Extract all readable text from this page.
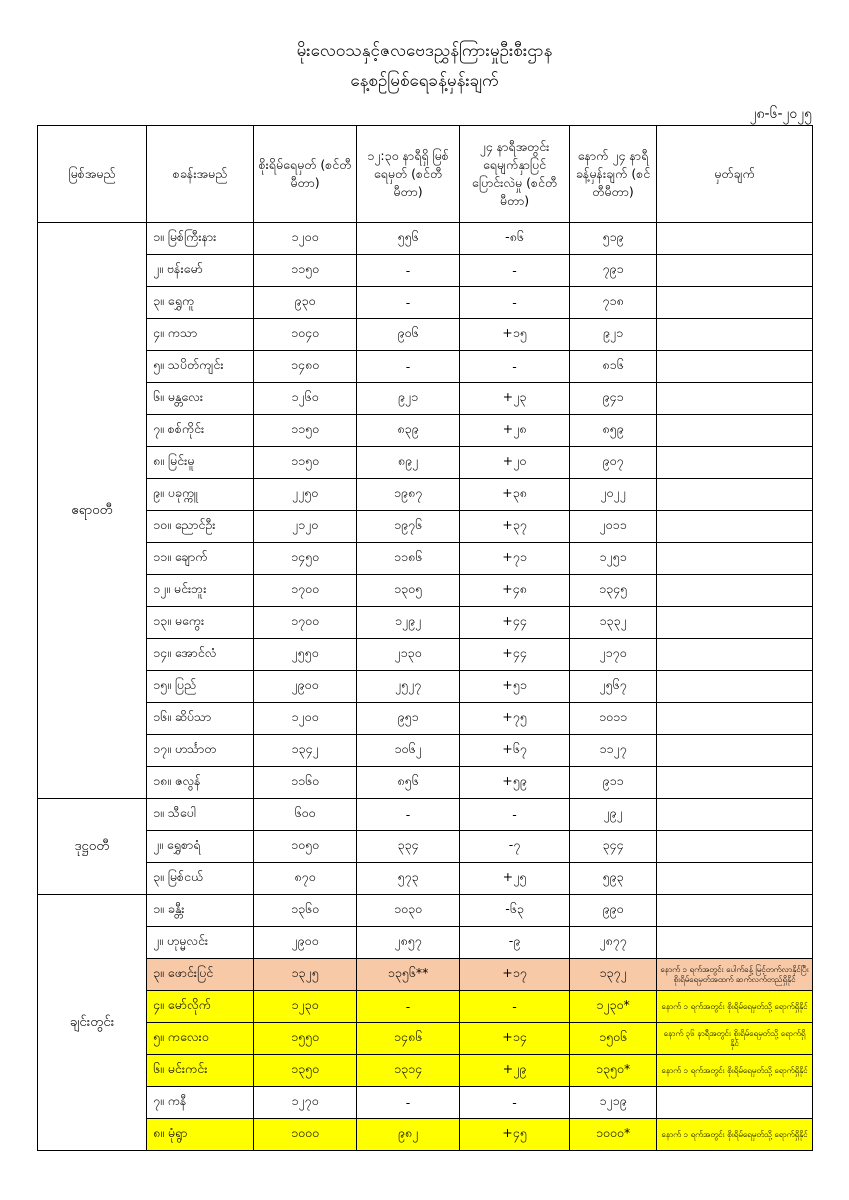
မိုးလေဝသနှင့်ဇလဗေဒညွှန်ကြားမှုဦးစီးဌာန
နေ့စဉ်မြစ်ရေခန့်မှန်းချက်
၂၈-၆-၂၀၂၅
မြစ်အမည်	စခန်းအမည်	စိုးရိမ်ရေမှတ် (စင်တီမီတာ)	၁၂:၃၀ နာရီရှိ မြစ်ရေမှတ် (စင်တီမီတာ)	၂၄ နာရီအတွင်း ရေမျက်နှာပြင် ပြောင်းလဲမှု (စင်တီမီတာ)	နောက် ၂၄ နာရီ ခန့်မှန်းချက် (စင်တီမီတာ)	မှတ်ချက်
ဧရာဝတီ	၁။ မြစ်ကြီးနား	၁၂၀၀	၅၅၆	-၈၆	၅၁၉	
	၂။ ဗန်းမော်	၁၁၅၀	-	-	၇၉၁	
	၃။ ရွှေကူ	၉၃၀	-	-	၇၁၈	
	၄။ ကသာ	၁၀၄၀	၉၀၆	+၁၅	၉၂၁	
	၅။ သပိတ်ကျင်း	၁၄၈၀	-	-	၈၁၆	
	၆။ မန္တလေး	၁၂၆၀	၉၂၁	+၂၃	၉၄၁	
	၇။ စစ်ကိုင်း	၁၁၅၀	၈၃၉	+၂၈	၈၅၉	
	၈။ မြင်းမူ	၁၁၅၀	၈၉၂	+၂၀	၉၀၇	
	၉။ ပခုက္ကူ	၂၂၅၀	၁၉၈၇	+၃၈	၂၀၂၂	
	၁၀။ ညောင်ဦး	၂၁၂၀	၁၉၇၆	+၃၇	၂၀၁၁	
	၁၁။ ချောက်	၁၄၅၀	၁၁၈၆	+၇၁	၁၂၅၁	
	၁၂။ မင်းဘူး	၁၇၀၀	၁၃၀၅	+၄၈	၁၃၄၅	
	၁၃။ မကွေး	၁၇၀၀	၁၂၉၂	+၄၄	၁၃၃၂	
	၁၄။ အောင်လံ	၂၅၅၀	၂၁၃၀	+၄၄	၂၁၇၀	
	၁၅။ ပြည်	၂၉၀၀	၂၅၂၇	+၅၁	၂၅၆၇	
	၁၆။ ဆိပ်သာ	၁၂၀၀	၉၅၁	+၇၅	၁၀၁၁	
	၁၇။ ဟင်္သာတ	၁၃၄၂	၁၀၆၂	+၆၇	၁၁၂၇	
	၁၈။ ဇလွန်	၁၁၆၀	၈၅၆	+၅၉	၉၁၁	
ဒုဋ္ဌဝတီ	၁။ သီပေါ	၆၀၀	-	-	၂၉၂	
	၂။ ရွှေစာရံ	၁၀၅၀	၃၃၄	-၇	၃၄၄	
	၃။ မြစ်ငယ်	၈၇၀	၅၇၃	+၂၅	၅၉၃	
ချင်းတွင်း	၁။ ခန္တီး	၁၃၆၀	၁၀၃၀	-၆၃	၉၉၀	
	၂။ ဟုမ္မလင်း	၂၉၀၀	၂၈၅၇	-၉	၂၈၇၇	
	၃။ ဖောင်းပြင်	၁၃၂၅	၁၃၅၆**	+၁၇	၁၃၇၂	နောက် ၁ ရက်အတွင်း ပေါက်ခန့် မြင့်တက်လာနိုင်ပြီး စိုးရိမ်ရေမှတ်အထက် ဆက်လက်တည်ရှိနိုင်
	၄။ မော်လိုက်	၁၂၃၀	-	-	၁၂၃၀*	နောက် ၁ ရက်အတွင်း စိုးရိမ်ရေမှတ်သို့ ရောက်ရှိနိုင်
	၅။ ကလေးဝ	၁၅၅၀	၁၄၈၆	+၁၄	၁၅၀၆	နောက် ၃၆ နာရီအတွင်း စိုးရိမ်ရေမှတ်သို့ ရောက်ရှိနိုင်
	၆။ မင်းကင်း	၁၃၅၀	၁၃၁၄	+၂၉	၁၃၅၀*	နောက် ၁ ရက်အတွင်း စိုးရိမ်ရေမှတ်သို့ ရောက်ရှိနိုင်
	၇။ ကနီ	၁၂၇၀	-	-	၁၂၁၉	
	၈။ မုံရွာ	၁၀၀၀	၉၈၂	+၄၅	၁၀၀၀*	နောက် ၁ ရက်အတွင်း စိုးရိမ်ရေမှတ်သို့ ရောက်ရှိနိုင်
